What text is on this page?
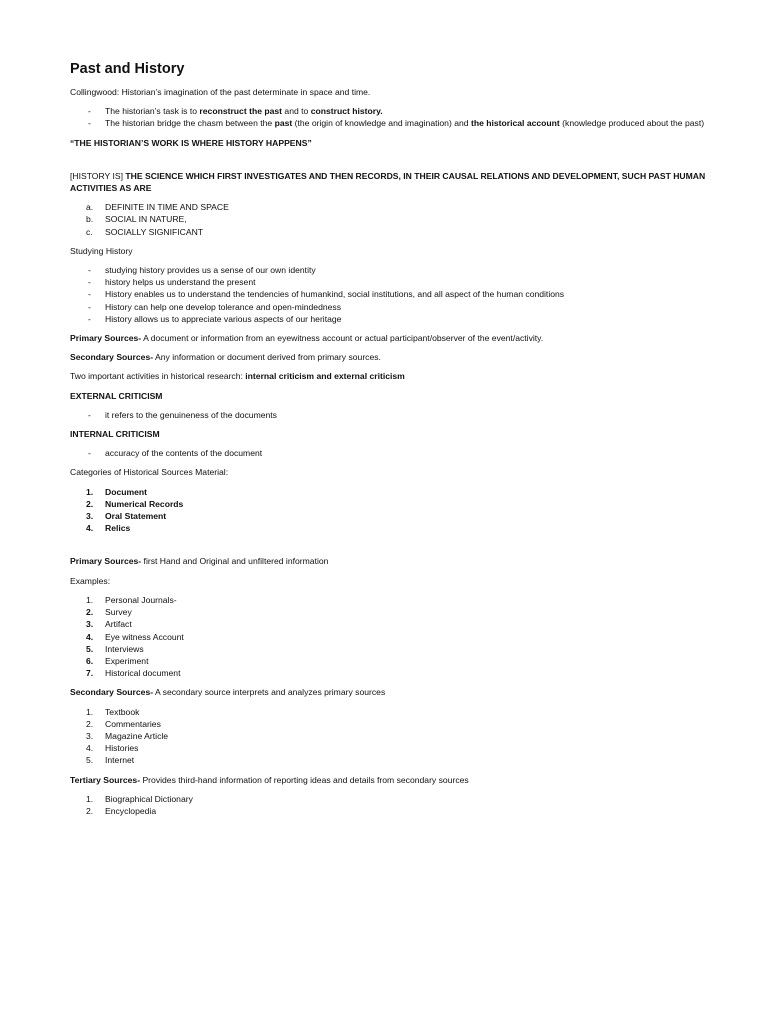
Past and History

Collingwood: Historian’s imagination of the past determinate in space and time.

- The historian’s task is to reconstruct the past and to construct history.
- The historian bridge the chasm between the past (the origin of knowledge and imagination) and the historical account (knowledge produced about the past)

“THE HISTORIAN’S WORK IS WHERE HISTORY HAPPENS”

[HISTORY IS] THE SCIENCE WHICH FIRST INVESTIGATES AND THEN RECORDS, IN THEIR CAUSAL RELATIONS AND DEVELOPMENT, SUCH PAST HUMAN ACTIVITIES AS ARE

a. DEFINITE IN TIME AND SPACE
b. SOCIAL IN NATURE,
c. SOCIALLY SIGNIFICANT

Studying History

- studying history provides us a sense of our own identity
- history helps us understand the present
- History enables us to understand the tendencies of humankind, social institutions, and all aspect of the human conditions
- History can help one develop tolerance and open-mindedness
- History allows us to appreciate various aspects of our heritage

Primary Sources- A document or information from an eyewitness account or actual participant/observer of the event/activity.

Secondary Sources- Any information or document derived from primary sources.

Two important activities in historical research: internal criticism and external criticism

EXTERNAL CRITICISM

- it refers to the genuineness of the documents

INTERNAL CRITICISM

- accuracy of the contents of the document

Categories of Historical Sources Material:

1. Document
2. Numerical Records
3. Oral Statement
4. Relics

Primary Sources- first Hand and Original and unfiltered information

Examples:

1. Personal Journals-
2. Survey
3. Artifact
4. Eye witness Account
5. Interviews
6. Experiment
7. Historical document

Secondary Sources- A secondary source interprets and analyzes primary sources

1. Textbook
2. Commentaries
3. Magazine Article
4. Histories
5. Internet

Tertiary Sources- Provides third-hand information of reporting ideas and details from secondary sources

1. Biographical Dictionary
2. Encyclopedia
